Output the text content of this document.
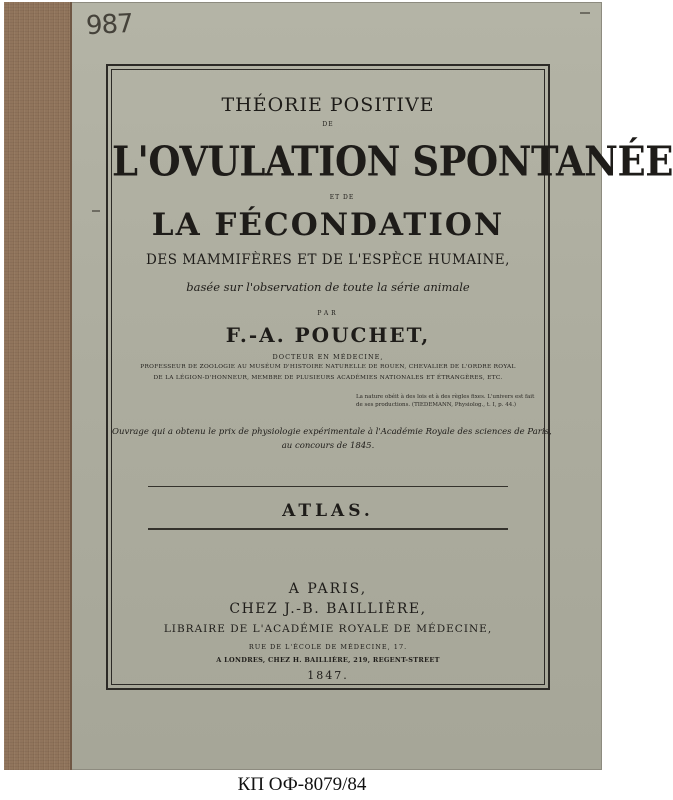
987
THÉORIE POSITIVE
DE
L'OVULATION SPONTANÉE
ET DE
LA FÉCONDATION
DES MAMMIFÈRES ET DE L'ESPÈCE HUMAINE,
basée sur l'observation de toute la série animale
PAR
F.-A. POUCHET,
DOCTEUR EN MÉDECINE,
PROFESSEUR DE ZOOLOGIE AU MUSÉUM D'HISTOIRE NATURELLE DE ROUEN, CHEVALIER DE L'ORDRE ROYAL
DE LA LÉGION-D'HONNEUR, MEMBRE DE PLUSIEURS ACADÉMIES NATIONALES ET ÉTRANGÈRES, ETC.
La nature obéit à des lois et à des règles fixes. L'univers est fait
de ses productions. (TIEDEMANN, Physiolog., t. I, p. 44.)
Ouvrage qui a obtenu le prix de physiologie expérimentale à l'Académie Royale des sciences de Paris,
au concours de 1845.
ATLAS.
A PARIS,
CHEZ J.-B. BAILLIÈRE,
LIBRAIRE DE L'ACADÉMIE ROYALE DE MÉDECINE,
RUE DE L'ÉCOLE DE MÉDECINE, 17.
A LONDRES, CHEZ H. BAILLIÈRE, 219, REGENT-STREET
1847.
КП ОФ-8079/84
